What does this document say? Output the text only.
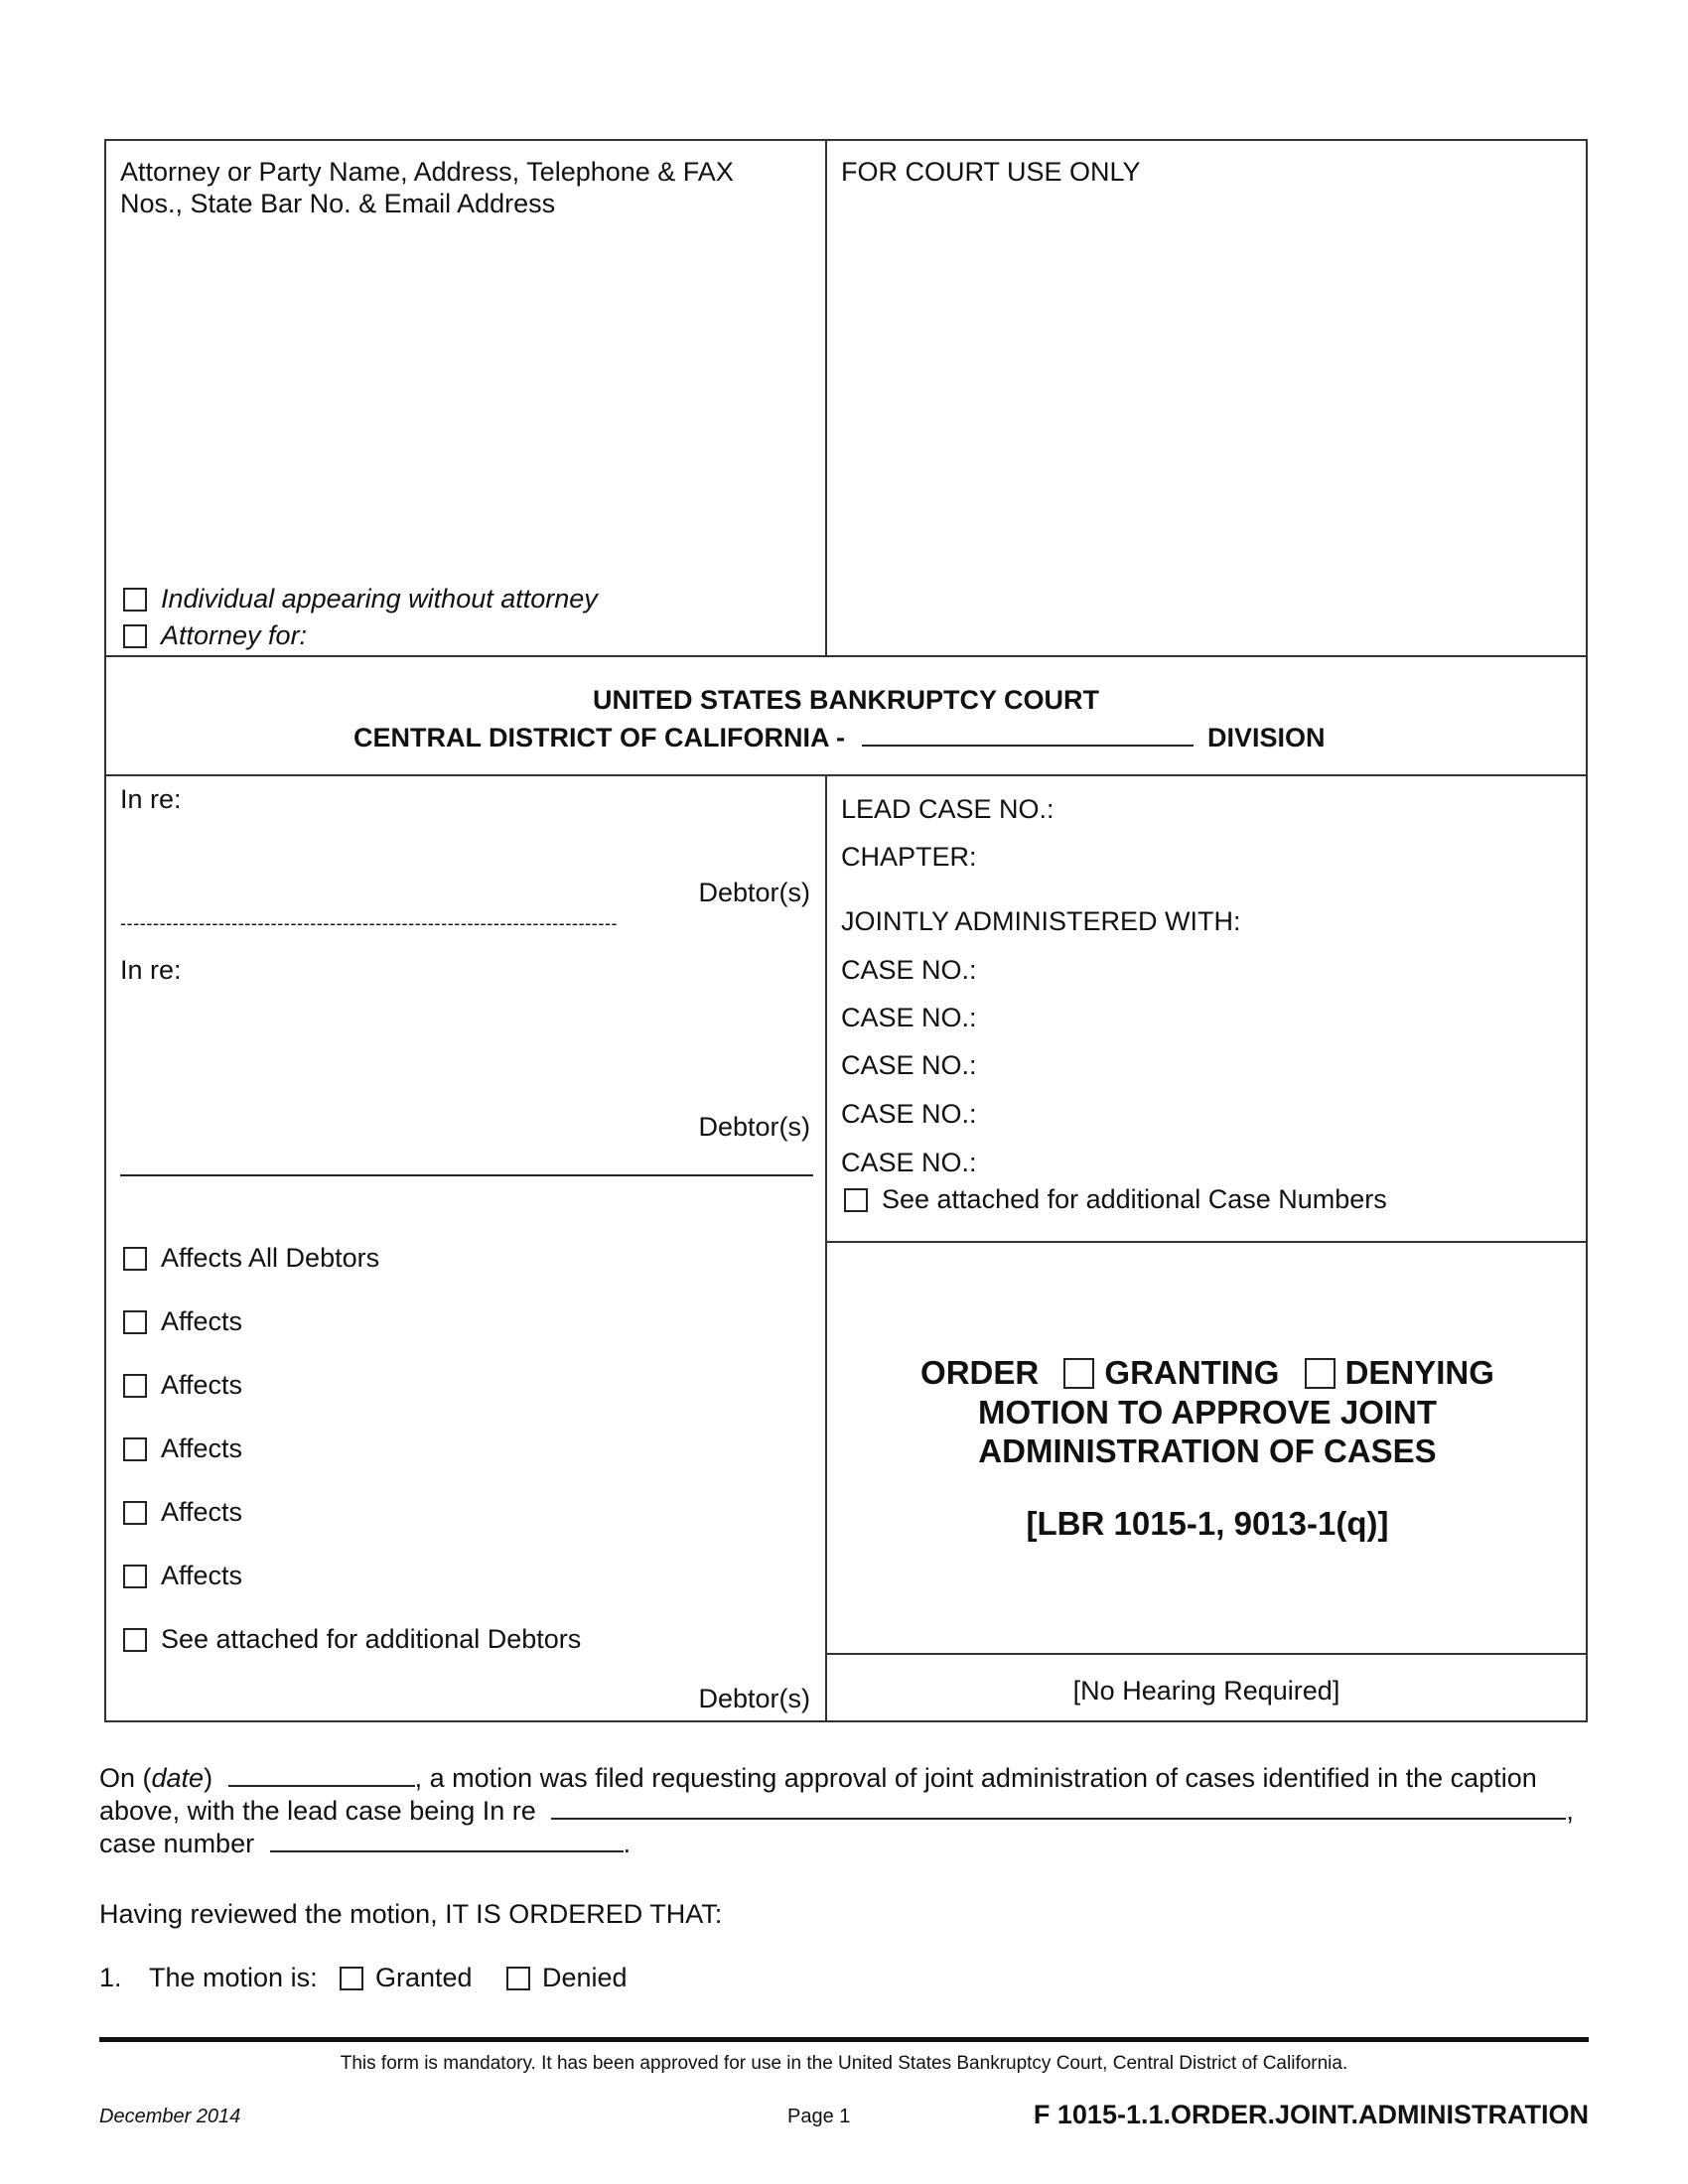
Attorney or Party Name, Address, Telephone & FAX
Nos., State Bar No. & Email Address
Individual appearing without attorney
Attorney for:
FOR COURT USE ONLY
UNITED STATES BANKRUPTCY COURT
CENTRAL DISTRICT OF CALIFORNIA -	DIVISION
In re:
Debtor(s)
----------------------------------------------------------------------------
In re:
Debtor(s)
Affects All Debtors
Affects
Affects
Affects
Affects
Affects
See attached for additional Debtors
Debtor(s)
LEAD CASE NO.:
CHAPTER:
JOINTLY ADMINISTERED WITH:
CASE NO.:
CASE NO.:
CASE NO.:
CASE NO.:
CASE NO.:
See attached for additional Case Numbers
ORDER GRANTING DENYING
MOTION TO APPROVE JOINT
ADMINISTRATION OF CASES
[LBR 1015-1, 9013-1(q)]
[No Hearing Required]
On (date)	, a motion was filed requesting approval of joint administration of cases identified in the caption
above, with the lead case being In re	,
case number	.
Having reviewed the motion, IT IS ORDERED THAT:
1. The motion is:	Granted	Denied
This form is mandatory. It has been approved for use in the United States Bankruptcy Court, Central District of California.
December 2014	Page 1	F 1015-1.1.ORDER.JOINT.ADMINISTRATION
